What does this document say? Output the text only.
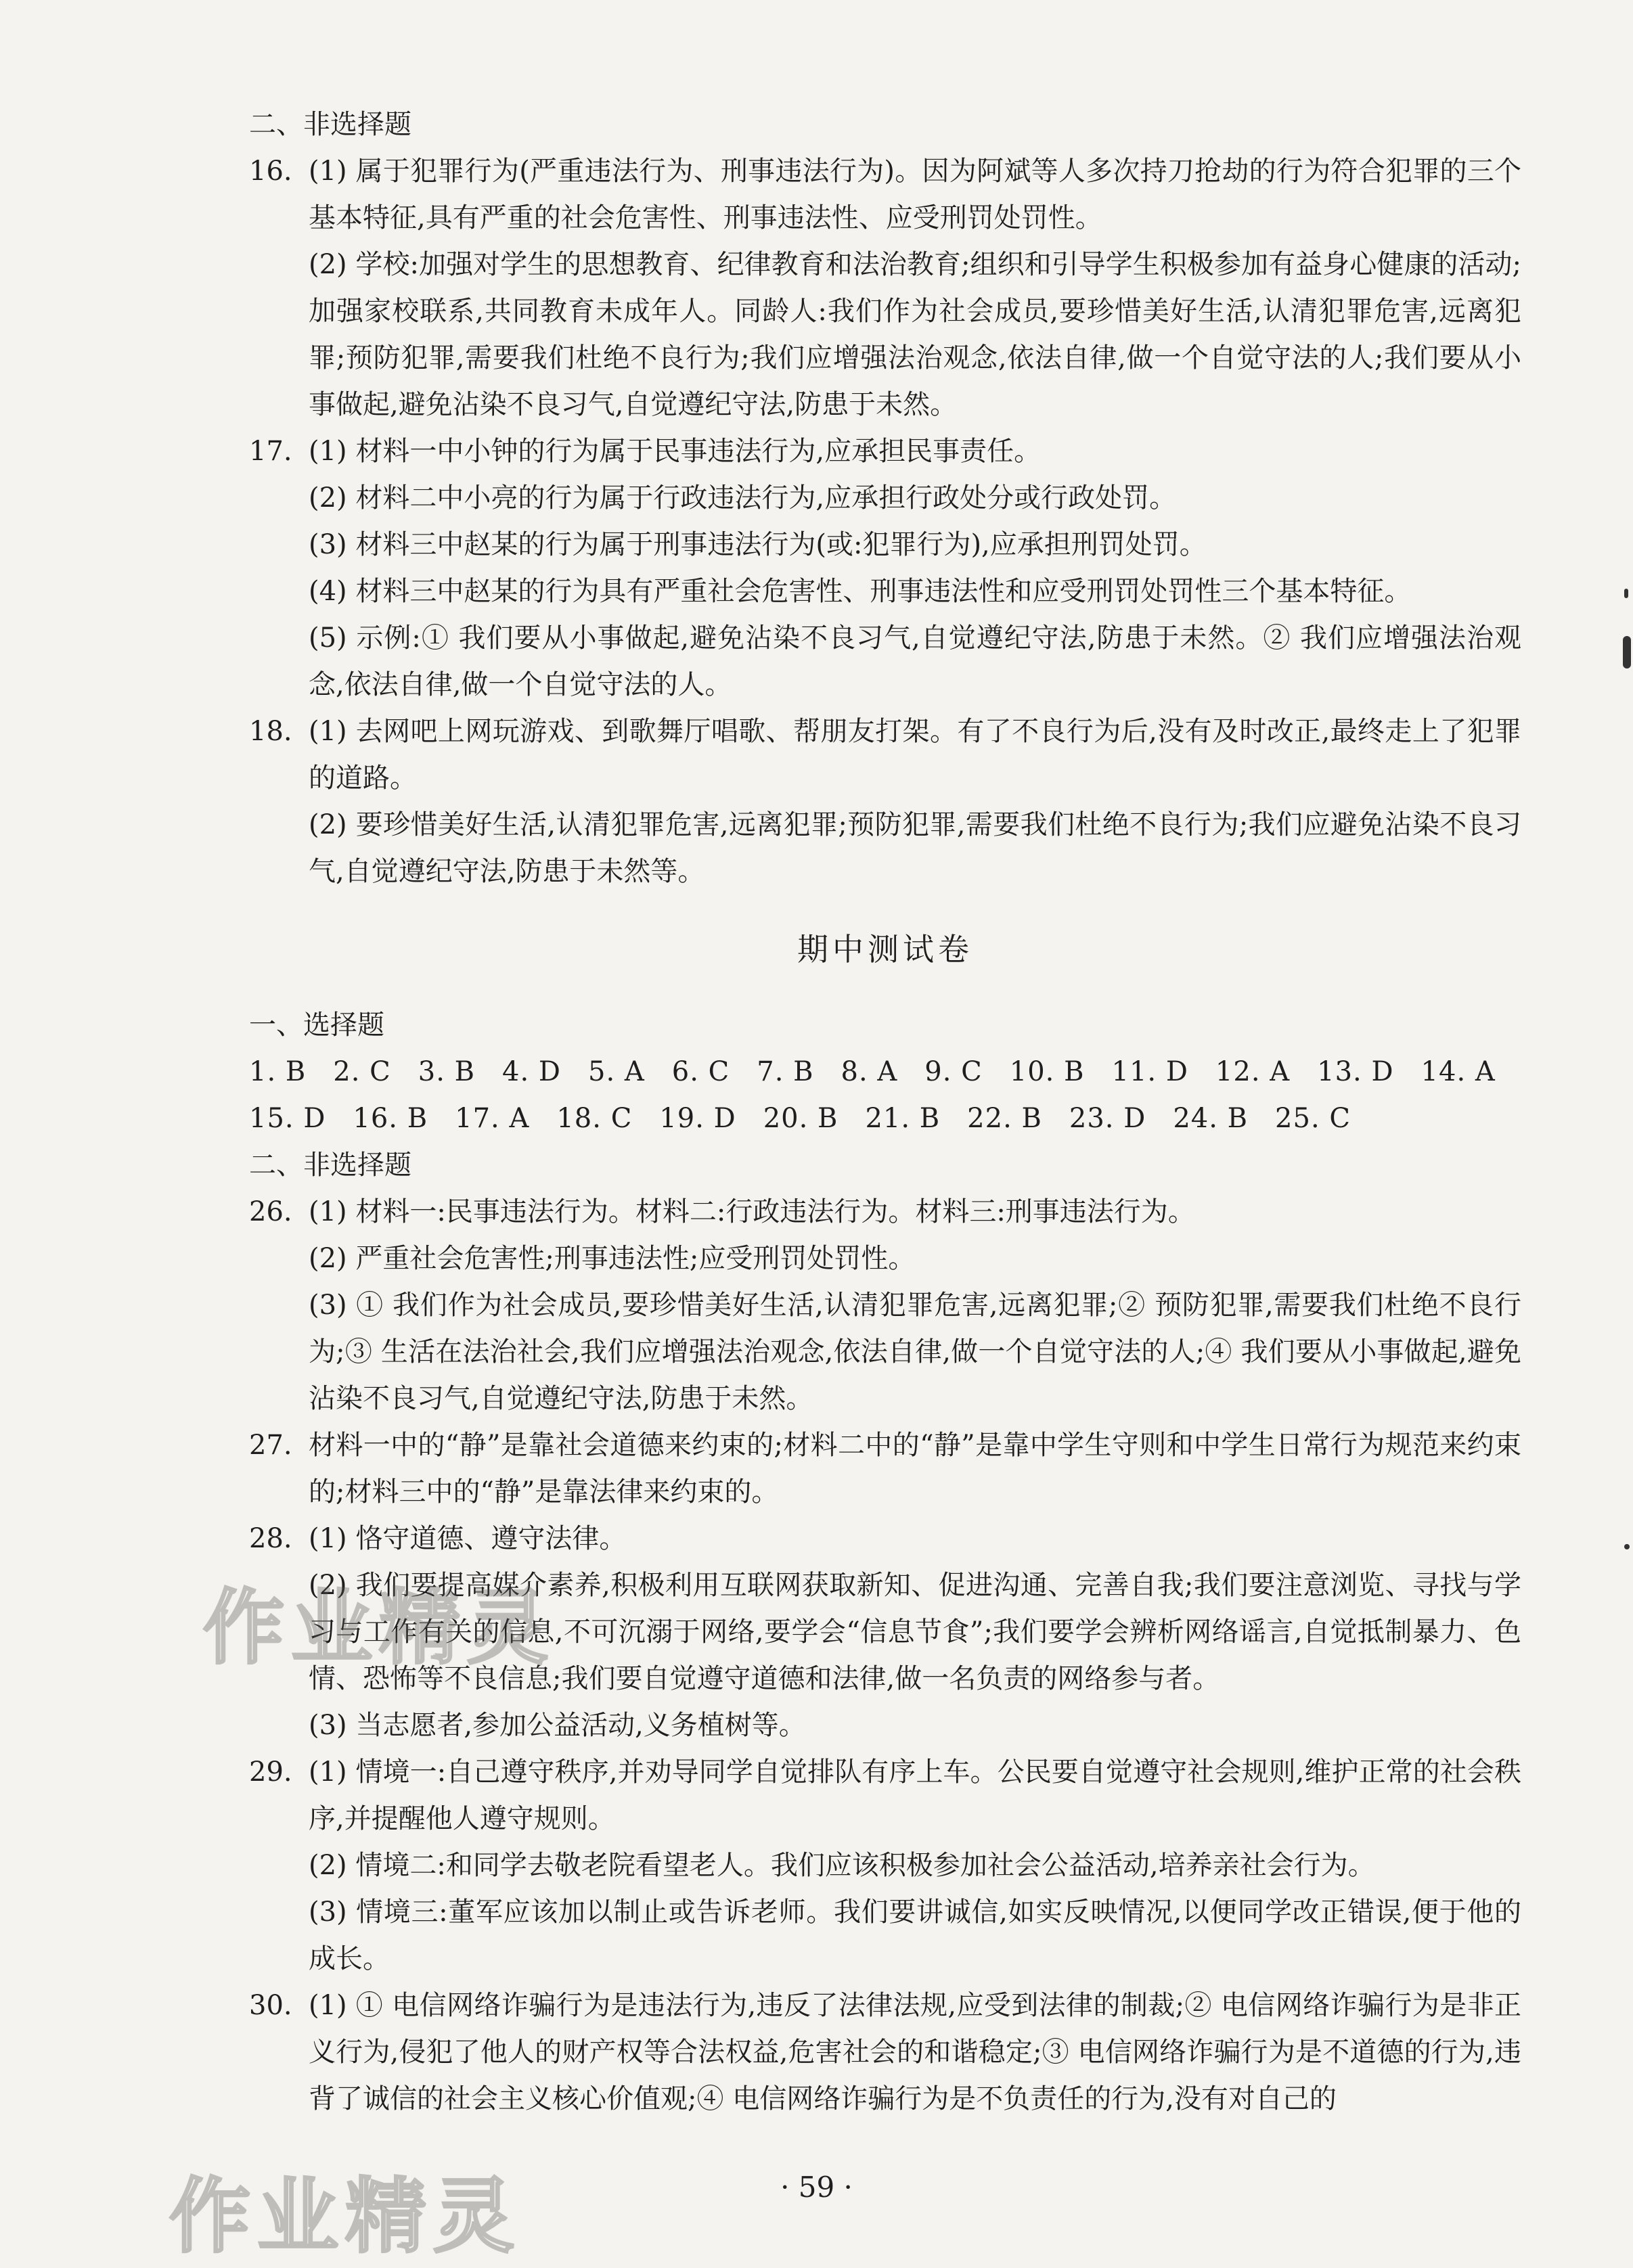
二、非选择题
16. (1) 属于犯罪行为(严重违法行为、刑事违法行为)。因为阿斌等人多次持刀抢劫的行为符合犯罪的三个基本特征,具有严重的社会危害性、刑事违法性、应受刑罚处罚性。
(2) 学校:加强对学生的思想教育、纪律教育和法治教育;组织和引导学生积极参加有益身心健康的活动;加强家校联系,共同教育未成年人。同龄人:我们作为社会成员,要珍惜美好生活,认清犯罪危害,远离犯罪;预防犯罪,需要我们杜绝不良行为;我们应增强法治观念,依法自律,做一个自觉守法的人;我们要从小事做起,避免沾染不良习气,自觉遵纪守法,防患于未然。
17. (1) 材料一中小钟的行为属于民事违法行为,应承担民事责任。
(2) 材料二中小亮的行为属于行政违法行为,应承担行政处分或行政处罚。
(3) 材料三中赵某的行为属于刑事违法行为(或:犯罪行为),应承担刑罚处罚。
(4) 材料三中赵某的行为具有严重社会危害性、刑事违法性和应受刑罚处罚性三个基本特征。
(5) 示例:① 我们要从小事做起,避免沾染不良习气,自觉遵纪守法,防患于未然。② 我们应增强法治观念,依法自律,做一个自觉守法的人。
18. (1) 去网吧上网玩游戏、到歌舞厅唱歌、帮朋友打架。有了不良行为后,没有及时改正,最终走上了犯罪的道路。
(2) 要珍惜美好生活,认清犯罪危害,远离犯罪;预防犯罪,需要我们杜绝不良行为;我们应避免沾染不良习气,自觉遵纪守法,防患于未然等。
期中测试卷
一、选择题
1. B 2. C 3. B 4. D 5. A 6. C 7. B 8. A 9. C 10. B 11. D 12. A 13. D 14. A
15. D 16. B 17. A 18. C 19. D 20. B 21. B 22. B 23. D 24. B 25. C
二、非选择题
26. (1) 材料一:民事违法行为。材料二:行政违法行为。材料三:刑事违法行为。
(2) 严重社会危害性;刑事违法性;应受刑罚处罚性。
(3) ① 我们作为社会成员,要珍惜美好生活,认清犯罪危害,远离犯罪;② 预防犯罪,需要我们杜绝不良行为;③ 生活在法治社会,我们应增强法治观念,依法自律,做一个自觉守法的人;④ 我们要从小事做起,避免沾染不良习气,自觉遵纪守法,防患于未然。
27. 材料一中的“静”是靠社会道德来约束的;材料二中的“静”是靠中学生守则和中学生日常行为规范来约束的;材料三中的“静”是靠法律来约束的。
28. (1) 恪守道德、遵守法律。
(2) 我们要提高媒介素养,积极利用互联网获取新知、促进沟通、完善自我;我们要注意浏览、寻找与学习与工作有关的信息,不可沉溺于网络,要学会“信息节食”;我们要学会辨析网络谣言,自觉抵制暴力、色情、恐怖等不良信息;我们要自觉遵守道德和法律,做一名负责的网络参与者。
(3) 当志愿者,参加公益活动,义务植树等。
29. (1) 情境一:自己遵守秩序,并劝导同学自觉排队有序上车。公民要自觉遵守社会规则,维护正常的社会秩序,并提醒他人遵守规则。
(2) 情境二:和同学去敬老院看望老人。我们应该积极参加社会公益活动,培养亲社会行为。
(3) 情境三:董军应该加以制止或告诉老师。我们要讲诚信,如实反映情况,以便同学改正错误,便于他的成长。
30. (1) ① 电信网络诈骗行为是违法行为,违反了法律法规,应受到法律的制裁;② 电信网络诈骗行为是非正义行为,侵犯了他人的财产权等合法权益,危害社会的和谐稳定;③ 电信网络诈骗行为是不道德的行为,违背了诚信的社会主义核心价值观;④ 电信网络诈骗行为是不负责任的行为,没有对自己的
· 59 ·
作业精灵
作业精灵
